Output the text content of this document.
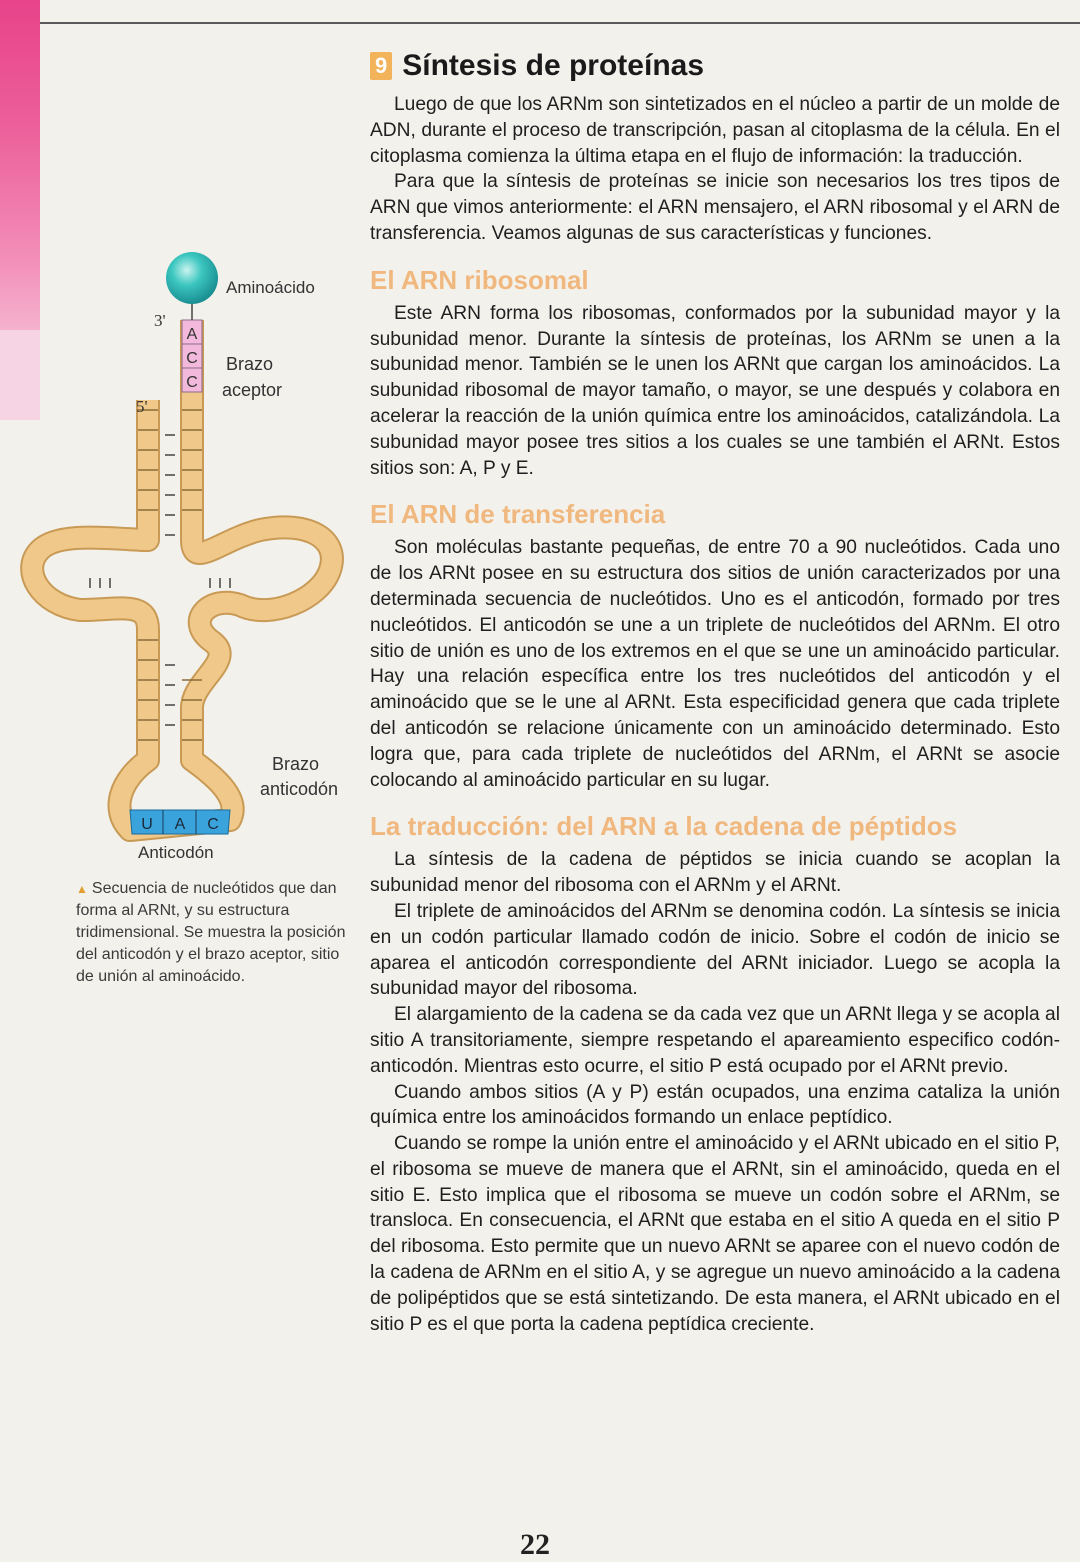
A
C
C
U A C
Aminoácido
3'
5'
Brazo
aceptor
Brazo
anticodón
Anticodón
▲ Secuencia de nucleótidos que dan forma al ARNt, y su estructura tridimensional. Se muestra la posición del anticodón y el brazo aceptor, sitio de unión al aminoácido.
9 Síntesis de proteínas

Luego de que los ARNm son sintetizados en el núcleo a partir de un molde de ADN, durante el proceso de transcripción, pasan al citoplasma de la célula. En el citoplasma comienza la última etapa en el flujo de información: la traducción.

Para que la síntesis de proteínas se inicie son necesarios los tres tipos de ARN que vimos anteriormente: el ARN mensajero, el ARN ribosomal y el ARN de transferencia. Veamos algunas de sus características y funciones.

El ARN ribosomal

Este ARN forma los ribosomas, conformados por la subunidad mayor y la subunidad menor. Durante la síntesis de proteínas, los ARNm se unen a la subunidad menor. También se le unen los ARNt que cargan los aminoácidos. La subunidad ribosomal de mayor tamaño, o mayor, se une después y colabora en acelerar la reacción de la unión química entre los aminoácidos, catalizándola. La subunidad mayor posee tres sitios a los cuales se une también el ARNt. Estos sitios son: A, P y E.

El ARN de transferencia

Son moléculas bastante pequeñas, de entre 70 a 90 nucleótidos. Cada uno de los ARNt posee en su estructura dos sitios de unión caracterizados por una determinada secuencia de nucleótidos. Uno es el anticodón, formado por tres nucleótidos. El anticodón se une a un triplete de nucleótidos del ARNm. El otro sitio de unión es uno de los extremos en el que se une un aminoácido particular. Hay una relación específica entre los tres nucleótidos del anticodón y el aminoácido que se le une al ARNt. Esta especificidad genera que cada triplete del anticodón se relacione únicamente con un aminoácido determinado. Esto logra que, para cada triplete de nucleótidos del ARNm, el ARNt se asocie colocando al aminoácido particular en su lugar.

La traducción: del ARN a la cadena de péptidos

La síntesis de la cadena de péptidos se inicia cuando se acoplan la subunidad menor del ribosoma con el ARNm y el ARNt.

El triplete de aminoácidos del ARNm se denomina codón. La síntesis se inicia en un codón particular llamado codón de inicio. Sobre el codón de inicio se aparea el anticodón correspondiente del ARNt iniciador. Luego se acopla la subunidad mayor del ribosoma.

El alargamiento de la cadena se da cada vez que un ARNt llega y se acopla al sitio A transitoriamente, siempre respetando el apareamiento especifico codón-anticodón. Mientras esto ocurre, el sitio P está ocupado por el ARNt previo.

Cuando ambos sitios (A y P) están ocupados, una enzima cataliza la unión química entre los aminoácidos formando un enlace peptídico.

Cuando se rompe la unión entre el aminoácido y el ARNt ubicado en el sitio P, el ribosoma se mueve de manera que el ARNt, sin el aminoácido, queda en el sitio E. Esto implica que el ribosoma se mueve un codón sobre el ARNm, se transloca. En consecuencia, el ARNt que estaba en el sitio A queda en el sitio P del ribosoma. Esto permite que un nuevo ARNt se aparee con el nuevo codón de la cadena de ARNm en el sitio A, y se agregue un nuevo aminoácido a la cadena de polipéptidos que se está sintetizando. De esta manera, el ARNt ubicado en el sitio P es el que porta la cadena peptídica creciente.

22
